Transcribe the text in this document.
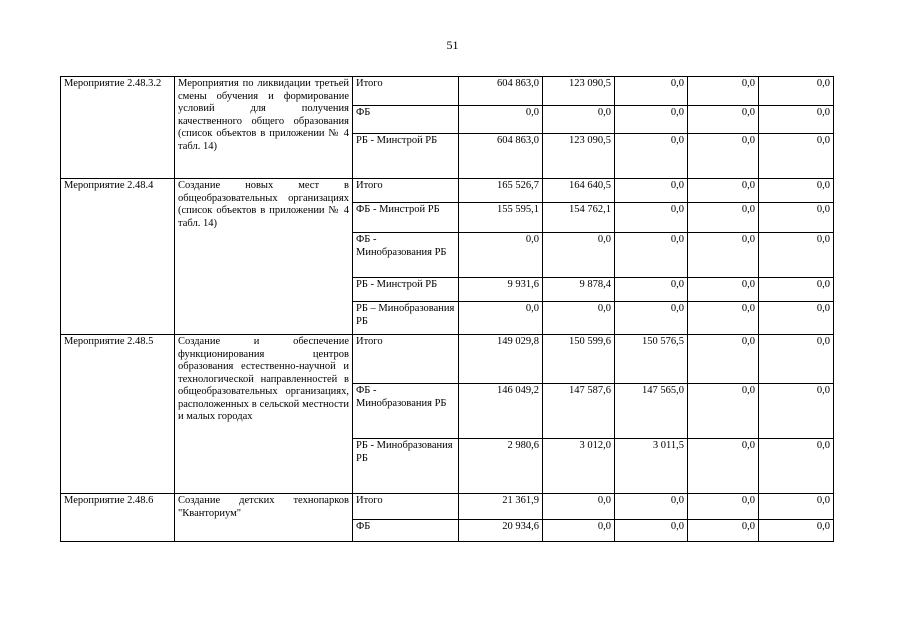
51
Мероприятие 2.48.3.2	Мероприятия по ликвидации третьей смены обучения и формирование условий для получения качественного общего образования (список объектов в приложении № 4 табл. 14)	Итого	604 863,0	123 090,5	0,0	0,0	0,0
		ФБ	0,0	0,0	0,0	0,0	0,0
		РБ - Минстрой РБ	604 863,0	123 090,5	0,0	0,0	0,0
Мероприятие 2.48.4	Создание новых мест в общеобразовательных организациях (список объектов в приложении № 4 табл. 14)	Итого	165 526,7	164 640,5	0,0	0,0	0,0
		ФБ - Минстрой РБ	155 595,1	154 762,1	0,0	0,0	0,0
		ФБ - Минобразования РБ	0,0	0,0	0,0	0,0	0,0
		РБ - Минстрой РБ	9 931,6	9 878,4	0,0	0,0	0,0
		РБ – Минобразования РБ	0,0	0,0	0,0	0,0	0,0
Мероприятие 2.48.5	Создание и обеспечение функционирования центров образования естественно-научной и технологической направленностей в общеобразовательных организациях, расположенных в сельской местности и малых городах	Итого	149 029,8	150 599,6	150 576,5	0,0	0,0
		ФБ - Минобразования РБ	146 049,2	147 587,6	147 565,0	0,0	0,0
		РБ - Минобразования РБ	2 980,6	3 012,0	3 011,5	0,0	0,0
Мероприятие 2.48.6	Создание детских технопарков "Кванториум"	Итого	21 361,9	0,0	0,0	0,0	0,0
		ФБ	20 934,6	0,0	0,0	0,0	0,0
